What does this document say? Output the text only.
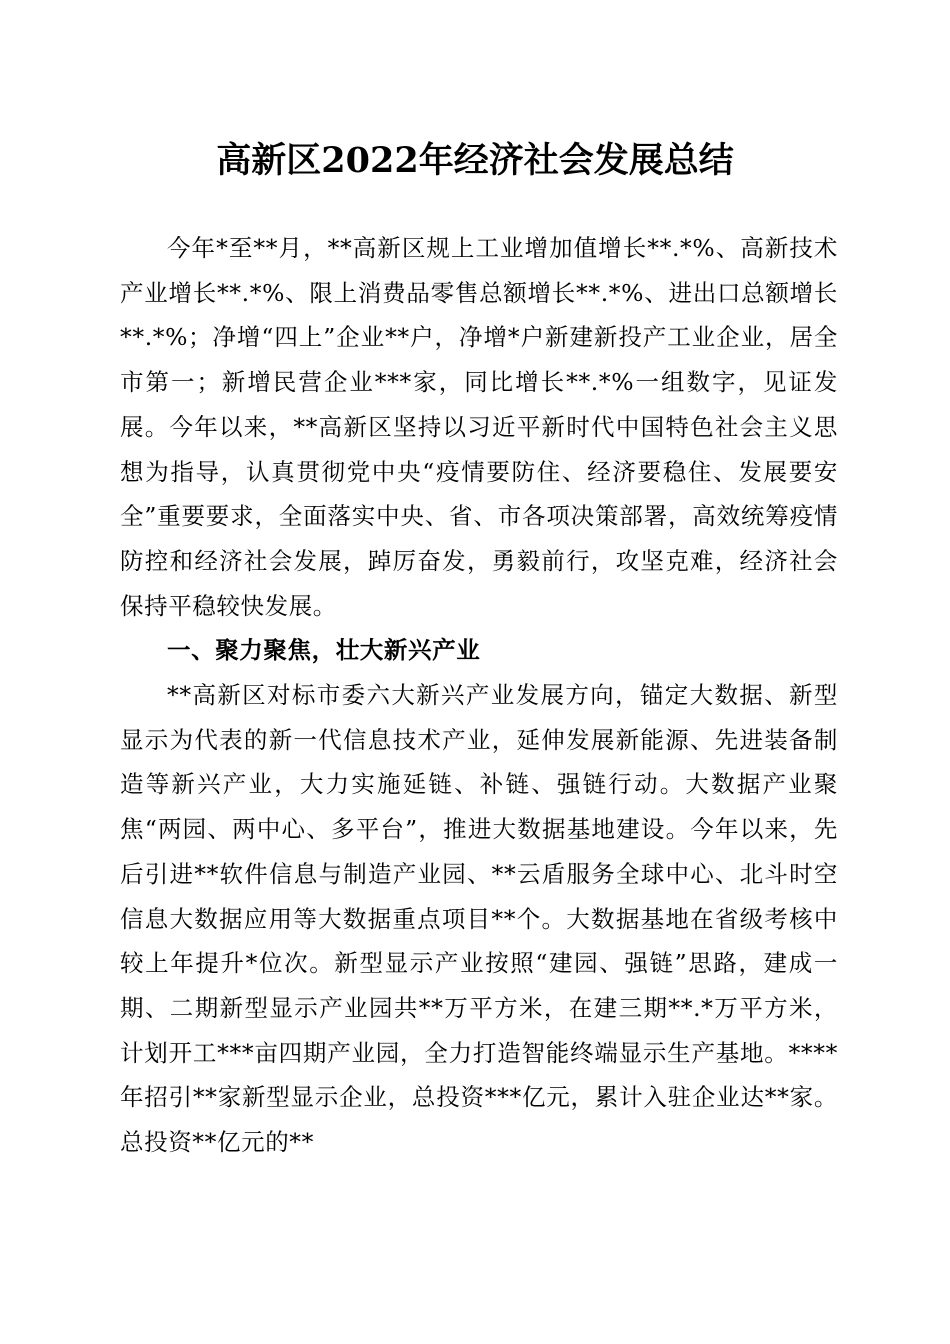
高新区2022年经济社会发展总结

今年*至**月，**高新区规上工业增加值增长**.*%、高新技术产业增长**.*%、限上消费品零售总额增长**.*%、进出口总额增长**.*%；净增“四上”企业**户，净增*户新建新投产工业企业，居全市第一；新增民营企业***家，同比增长**.*%一组数字，见证发展。今年以来，**高新区坚持以习近平新时代中国特色社会主义思想为指导，认真贯彻党中央“疫情要防住、经济要稳住、发展要安全”重要要求，全面落实中央、省、市各项决策部署，高效统筹疫情防控和经济社会发展，踔厉奋发，勇毅前行，攻坚克难，经济社会保持平稳较快发展。

一、聚力聚焦，壮大新兴产业

**高新区对标市委六大新兴产业发展方向，锚定大数据、新型显示为代表的新一代信息技术产业，延伸发展新能源、先进装备制造等新兴产业，大力实施延链、补链、强链行动。大数据产业聚焦“两园、两中心、多平台”，推进大数据基地建设。今年以来，先后引进**软件信息与制造产业园、**云盾服务全球中心、北斗时空信息大数据应用等大数据重点项目**个。大数据基地在省级考核中较上年提升*位次。新型显示产业按照“建园、强链”思路，建成一期、二期新型显示产业园共**万平方米，在建三期**.*万平方米，计划开工***亩四期产业园，全力打造智能终端显示生产基地。****年招引**家新型显示企业，总投资***亿元，累计入驻企业达**家。总投资**亿元的**
